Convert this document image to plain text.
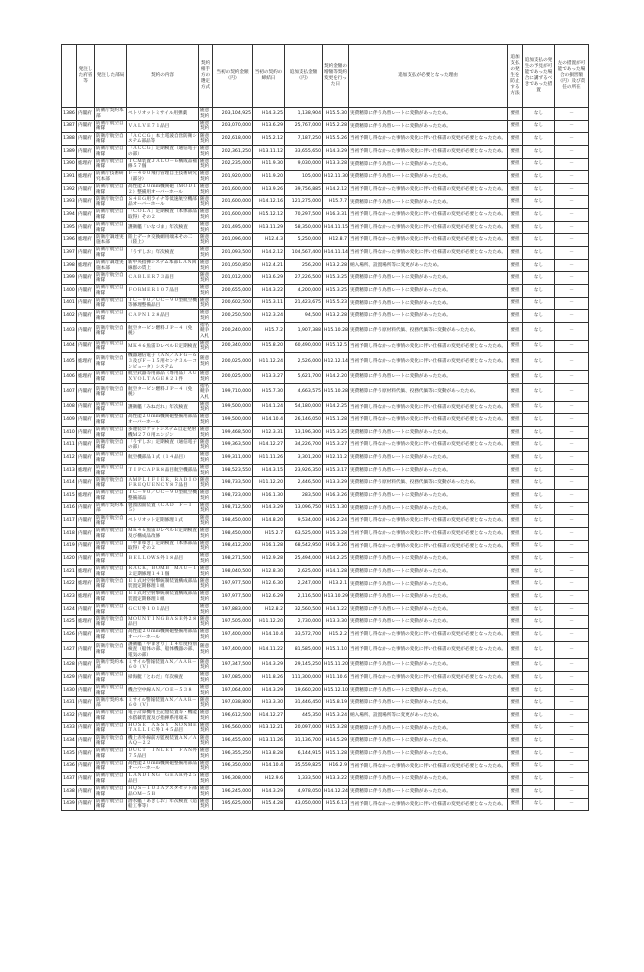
	発注した府省等	発注した部局	契約の内容	契約相手方の選定方式	当初の契約金額（円）	当初の契約の締結日	追加支払金額（円）	契約金額の増額等契約変更を行った日	追加支払が必要となった理由	追加支払の発生を防止する方法	追加支払の発生の予見が可能であった場合に講ずるべきであった措置	左の措置が可能であった場合の損害額（円）及び責任の所在
1386	内閣府	防衛庁契約本部	ペトリオットミサイル用弾薬	随意契約	203,104,925	H14.3.25	1,138,904	H15.5.30	実費精算に伴う為替レートに変動があったため。	要担	なし	－
1387	内閣府	防衛庁航空自衛隊	ＶＡＬＶＥ７１品目	随意契約	203,070,000	H13.6.29	25,767,000	H15.2.28	実費精算に伴う為替レートに変動があったため。	要担	なし	－
1388	内閣府	防衛庁航空自衛隊	「ＡＣＣＧ」本土電波自営防衛システム部品等	随意契約	202,618,000	H15.2.12	7,187,250	H15.5.26	当初予期し得なかった事情の変化に伴い仕様書の変更が必要となったため。	要担	なし	－
1389	内閣府	防衛庁航空自衛隊	「ＡＣＣＧ」定期検査（通信電子の部）	随意契約	202,361,250	H13.11.12	33,655,650	H14.3.29	当初予期し得なかった事情の変化に伴い仕様書の変更が必要となったため。	要担	なし	－
1390	総理府	防衛庁航空自衛隊	ＴＣＭ装置ＪＡＬＯ－６構成品補修５７個	随意契約	202,235,000	H11.9.30	9,030,000	H13.3.28	実費精算に伴う為替レートに変動があったため。	要担	なし	－
1391	総理府	防衛庁技術研究本部	Ｆ－４００飛行管理自主技術研究（部分）	随意契約	201,920,000	H11.9.20	105,000	H12.11.30	実費精算に伴う為替レートに変動があったため。	要担	なし	－
1392	内閣府	防衛庁航空自衛隊	高性能２０ｍｍ機関砲（ＭＯＤ１２）整備用オーバーホール	随意契約	201,600,000	H13.9.26	39,756,885	H14.2.12	当初予期し得なかった事情の変化に伴い仕様書の変更が必要となったため。	要担	なし	－
1393	内閣府	防衛庁航空自衛隊	Ｓ４ＥＧ用ライナ等低速航空機部品オーバーホール	随意契約	201,600,000	H14.12.16	121,275,000	H15.7.7	実費精算に伴う為替レートに変動があったため。	要担	なし	－
1394	内閣府	防衛庁航空自衛隊	「ＣＯＬＡ」定期検査（本体部品取得）その２	随意契約	201,600,000	H15.12.12	70,297,500	H16.3.31	当初予期し得なかった事情の変化に伴い仕様書の変更が必要となったため。	要担	なし	－
1395	内閣府	防衛庁航空自衛隊	護衛艦「いなづま」年次検査	随意契約	201,495,000	H13.11.29	58,350,000	H14.11.15	当初予期し得なかった事情の変化に伴い仕様書の変更が必要となったため。	要担	なし	－
1396	総理府	防衛庁調達実施本部	陸上データ交換網用端末その二（陸上）	随意契約	201,096,000	H12.4.3	5,250,000	H12.8.7	当初予期し得なかった事情の変化に伴い仕様書の変更が必要となったため。	要担	なし	－
1397	内閣府	防衛庁航空自衛隊	「うずしお」年次検査	随意契約	201,093,500	H14.2.12	104,567,400	H14.11.14	当初予期し得なかった事情の変化に伴い仕様書の変更が必要となったため。	要担	なし	－
1398	総理府	防衛庁調達実施本部	新中央指揮システム本部ＬＡＮ回線群の賃上	随意契約	201,050,850	H12.4.21	256,200	H13.2.28	納入場所、設置場所等に変更があったため。	要担	なし	－
1399	内閣府	防衛庁航空自衛隊	ＣＡＢＬＥＲ７３品目	随意契約	201,012,000	H13.6.29	27,226,500	H15.3.25	実費精算に伴う為替レートに変動があったため。	要担	なし	－
1400	内閣府	防衛庁航空自衛隊	ＦＯＲＭＥＲ１０７品目	随意契約	200,655,000	H14.3.22	4,200,000	H15.3.25	実費精算に伴う為替レートに変動があったため。	要担	なし	－
1401	内閣府	防衛庁航空自衛隊	ＴＣ－９０／ＵＣ－９０型航空機等修理整備品目	随意契約	200,602,500	H15.3.11	21,423,675	H15.5.23	実費精算に伴う為替レートに変動があったため。	要担	なし	－
1402	内閣府	防衛庁航空自衛隊	ＣＡＰＮ１２８品目	随意契約	200,250,500	H12.3.24	94,500	H13.2.28	実費精算に伴う為替レートに変動があったため。	要担	なし	－
1403	内閣府	防衛庁航空自衛隊	航空タービン燃料ＪＰ－４（免税）	指名競争入札	200,240,000	H15.7.2	1,907,388	H15.10.28	実費精算に伴う原材料代価、役務代価等に変動があったため。	要担	なし	－
1404	内閣府	防衛庁航空自衛隊	ＭＫ４６魚雷ＤレベルＥ定期検査	随意契約	200,340,000	H15.8.20	60,490,000	H15.12.5	当初予期し得なかった事情の変化に伴い仕様書の変更が必要となったため。	要担	なし	－
1405	総理府	防衛庁航空自衛隊	機器通信電子（ＡＮ／ＡＦＧ－６３及びＦ－１５用センナ３ル－コンピュータ）システム	随意契約	200,025,000	H11.12.24	2,526,000	H12.12.14	当初予期し得なかった事情の変化に伴い仕様書の変更が必要となったため。	要担	なし	－
1406	総理府	防衛庁航空自衛隊	航空武器等用部品（専用品）ＡＵＸＶＯＬＴＡＧＥ８２１件	随意契約	200,025,000	H13.3.27	5,621,700	H14.2.20	実費精算に伴う為替レートに変動があったため。	要担	なし	－
1407	内閣府	防衛庁航空自衛隊	航空タービン燃料ＪＰ－４（免税）	指名競争入札	199,710,000	H15.7.30	4,663,575	H15.10.28	実費精算に伴う原材料代価、役務代価等に変動があったため。	要担	なし	－
1408	内閣府	防衛庁航空自衛隊	護衛艦「みねだれ」年次検査	随意契約	199,500,000	H14.1.24	54,180,000	H14.2.25	当初予期し得なかった事情の変化に伴い仕様書の変更が必要となったため。	要担	なし	－
1409	内閣府	防衛庁航空自衛隊	高性能２０ｍｍ機関砲整備用部品オーバーホール	随意契約	199,500,000	H14.10.4	26,146,050	H15.1.28	当初予期し得なかった事情の変化に伴い仕様書の変更が必要となったため。	要担	なし	－
1410	内閣府	防衛庁航空自衛隊	多連装ロケットシステム自走発射機Ｍ２７０用エンジン	随意契約	199,468,500	H12.3.31	13,196,300	H15.3.25	実費精算に伴う為替レートに変動があったため。	要担	なし	－
1411	内閣府	防衛庁航空自衛隊	「うずしお」定期検査（通信電子の部）	随意契約	199,363,500	H14.12.27	34,226,700	H15.3.27	当初予期し得なかった事情の変化に伴い仕様書の変更が必要となったため。	要担	なし	－
1412	内閣府	防衛庁航空自衛隊	航空機部品１式（１４品目）	随意契約	199,311,000	H11.11.26	3,301,200	H12.11.2	実費精算に伴う為替レートに変動があったため。	要担	なし	－
1413	総理府	防衛庁航空自衛隊	ＴＩＰＣＡＰＲ８品目航空機部品	随意契約	198,523,550	H14.3.15	23,926,350	H15.3.17	実費精算に伴う為替レートに変動があったため。	要担	なし	－
1414	内閣府	防衛庁航空自衛隊	ＡＭＰＬＩＦＩＥＲ，ＲＡＤＩＯ　ＦＲＥＱＵＥＮＣＹ８７品目	随意契約	198,733,500	H11.12.20	2,446,500	H13.3.29	実費精算に伴う原材料代価、役務代価等に変動があったため。	要担	なし	－
1415	総理府	防衛庁航空自衛隊	ＴＣ－９０／ＵＣ－９０型航空機整備部品	随意契約	198,723,000	H16.1.30	283,500	H16.3.26	実費精算に伴う為替レートに変動があったため。	要担	なし	－
1416	内閣府	防衛庁契約本部	製図図面装置（ＣＡＤ　Ｆ－１５）	随意契約	198,712,500	H14.3.29	13,096,750	H15.1.30	実費精算に伴う為替レートに変動があったため。	要担	なし	－
1417	内閣府	防衛庁航空自衛隊	ペトリオット定期修理１式	随意契約	198,450,000	H14.8.20	9,534,000	H16.2.24	当初予期し得なかった事情の変化に伴い仕様書の変更が必要となったため。	要担	なし	－
1418	内閣府	防衛庁航空自衛隊	ＭＫ４６魚雷ＤレベルＥ定期検査及び構成品改修	随意契約	198,450,000	H15.2.7	63,525,000	H15.3.28	当初予期し得なかった事情の変化に伴い仕様書の変更が必要となったため。	要担	なし	－
1419	内閣府	防衛庁航空自衛隊	「やまゆき」定期検査（本体部品取得）その２	随意契約	198,412,200	H16.1.28	68,542,950	H16.3.26	当初予期し得なかった事情の変化に伴い仕様書の変更が必要となったため。	要担	なし	－
1420	内閣府	防衛庁航空自衛隊	ＢＥＬＬＯＷＳ外１８品目	随意契約	198,271,500	H12.9.28	25,494,000	H14.2.25	実費精算に伴う為替レートに変動があったため。	要担	なし	－
1421	総理府	防衛庁航空自衛隊	ＲＡＣＫ，ＢＯＭＢ　ＭＡＵ－１２定期修理１４１個	随意契約	198,040,500	H12.8.30	2,625,000	H14.1.28	実費精算に伴う為替レートに変動があったため。	要担	なし	－
1422	総理府	防衛庁航空自衛隊	Ｅ１式対空射撃統制装置構成部品装置定期修理１組	随意契約	197,977,500	H12.6.30	2,247,000	H13.2.1	実費精算に伴う為替レートに変動があったため。	要担	なし	－
1423	総理府	防衛庁航空自衛隊	Ｅ１式対空射撃統制装置構成部品装置定期修理１組	随意契約	197,977,500	H12.6.29	2,116,500	H13.10.29	実費精算に伴う為替レートに変動があったため。	要担	なし	－
1424	内閣府	防衛庁航空自衛隊	ＧＣＵ外１０１品目	随意契約	197,883,000	H12.8.2	32,560,500	H14.1.22	実費精算に伴う為替レートに変動があったため。	要担	なし	－
1425	総理府	防衛庁航空自衛隊	ＭＯＵＮＴＩＮＧＢＡＳＥ外２８品目	随意契約	197,505,000	H11.12.20	2,730,000	H13.3.30	実費精算に伴う為替レートに変動があったため。	要担	なし	－
1426	内閣府	防衛庁航空自衛隊	高性能２０ｍｍ機関砲整備用部品オーバーホール	随意契約	197,400,000	H14.10.4	33,572,700	H15.2.2	当初予期し得なかった事情の変化に伴い仕様書の変更が必要となったため。	要担	なし	－
1427	内閣府	防衛庁航空自衛隊	護衛艦「やまぎり」１４年度特別検査（船体の部、船体機器の部、電気の部）	随意契約	197,400,000	H14.11.22	81,585,000	H15.1.10	当初予期し得なかった事情の変化に伴い仕様書の変更が必要となったため。	要担	なし	－
1428	内閣府	防衛庁契約本部	ミサイル警報装置ＡＮ／ＡＡＲ－６０（Ｖ）	随意契約	197,347,500	H14.3.29	29,145,250	H15.11.20	実費精算に伴う為替レートに変動があったため。	要担	なし	－
1429	内閣府	防衛庁航空自衛隊	掃海艇「とわだ」年次検査	随意契約	197,085,000	H11.8.26	111,300,000	H11.10.6	当初予期し得なかった事情の変化に伴い仕様書の変更が必要となったため。	要担	なし	－
1430	内閣府	防衛庁航空自衛隊	機合空中線ＡＮ／ＯＥ－５３８	随意契約	197,064,000	H14.3.29	19,660,200	H15.12.10	実費精算に伴う為替レートに変動があったため。	要担	なし	－
1431	内閣府	防衛庁契約本部	ミサイル警報装置ＡＮ／ＡＡＲ－６０（Ｖ）	随意契約	197,038,800	H13.3.30	31,446,450	H15.8.19	実費精算に伴う為替レートに変動があったため。	要担	なし	－
1432	内閣府	防衛庁航空自衛隊	電子計算機用主記憶装置等・機能水搭載装置及び指揮系用端末	随意契約	196,612,500	H14.12.27	445,350	H15.3.24	納入場所、設置場所等に変更があったため。	要担	なし	－
1433	内閣府	防衛庁航空自衛隊	ＨＯＳＥ　ＡＳＳＹ　ＮＯＮＭＥＴＡＬＬＩＣ外１４５品目	随意契約	196,560,000	H13.12.21	20,097,000	H15.3.28	実費精算に伴う為替レートに変動があったため。	要担	なし	－
1434	内閣府	防衛庁航空自衛隊	機上赤外線前方監視装置ＡＮ／ＡＡＱ－２２	随意契約	196,455,000	H13.11.26	31,136,700	H14.5.29	実費精算に伴う為替レートに変動があったため。	要担	なし	－
1435	内閣府	防衛庁航空自衛隊	ＤＵＣＴ　ＩＮＬＥＴ　ＦＡＮ外７５品目	随意契約	196,355,250	H13.8.28	6,144,915	H15.1.28	実費精算に伴う為替レートに変動があったため。	要担	なし	－
1436	内閣府	防衛庁航空自衛隊	高性能２０ｍｍ機関砲整備用部品オーバーホール	随意契約	196,350,000	H14.10.4	35,559,825	H16.2.9	当初予期し得なかった事情の変化に伴い仕様書の変更が必要となったため。	要担	なし	－
1437	内閣府	防衛庁航空自衛隊	ＬＡＮＤＩＮＧ　ＧＥＡＲ外２５品目	随意契約	196,308,000	H12.9.6	1,333,500	H13.3.22	実費精算に伴う為替レートに変動があったため。	要担	なし	－
1438	内閣府	防衛庁航空自衛隊	ＨＱＳ－１０３Ａアスタセット部品ＯＭ－５Ｂ	随意契約	196,245,000	H14.3.29	4,978,050	H14.12.24	実費精算に伴う為替レートに変動があったため。	要担	なし	－
1439	内閣府	防衛庁航空自衛隊	潜水艦「あきしお」年次検査（造船工事等）	随意契約	195,625,000	H15.4.28	43,050,000	H15.6.13	当初予期し得なかった事情の変化に伴い仕様書の変更が必要となったため。	要担	なし	－
